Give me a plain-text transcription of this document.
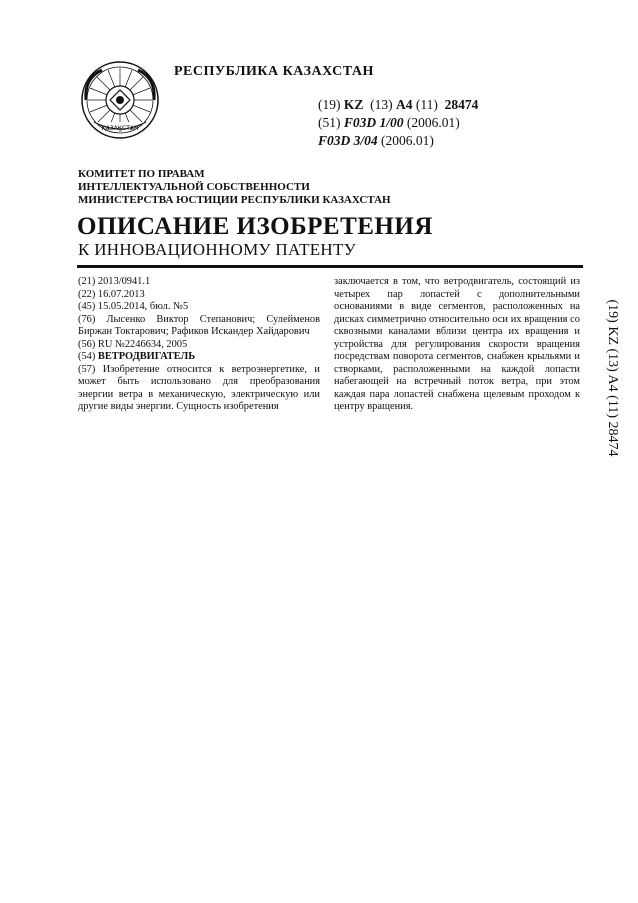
ҚАЗАҚСТАН
РЕСПУБЛИКА КАЗАХСТАН
(19) KZ (13) A4 (11) 28474
(51) F03D 1/00 (2006.01)
F03D 3/04 (2006.01)
КОМИТЕТ ПО ПРАВАМ
ИНТЕЛЛЕКТУАЛЬНОЙ СОБСТВЕННОСТИ
МИНИСТЕРСТВА ЮСТИЦИИ РЕСПУБЛИКИ КАЗАХСТАН
ОПИСАНИЕ ИЗОБРЕТЕНИЯ
К ИННОВАЦИОННОМУ ПАТЕНТУ

(21) 2013/0941.1

(22) 16.07.2013

(45) 15.05.2014, бюл. №5

(76) Лысенко Виктор Степанович; Сулейменов Биржан Токтарович; Рафиков Искандер Хайдарович

(56) RU №2246634, 2005

(54) ВЕТРОДВИГАТЕЛЬ

(57) Изобретение относится к ветроэнергетике, и может быть использовано для преобразования энергии ветра в механическую, электрическую или другие виды энергии. Сущность изобретения

заключается в том, что ветродвигатель, состоящий из четырех пар лопастей с дополнительными основаниями в виде сегментов, расположенных на дисках симметрично относительно оси их вращения со сквозными каналами вблизи центра их вращения и устройства для регулирования скорости вращения посредствам поворота сегментов, снабжен крыльями и створками, расположенными на каждой лопасти набегающей на встречный поток ветра, при этом каждая пара лопастей снабжена щелевым проходом к центру вращения.	(19) KZ (13) A4 (11) 28474
